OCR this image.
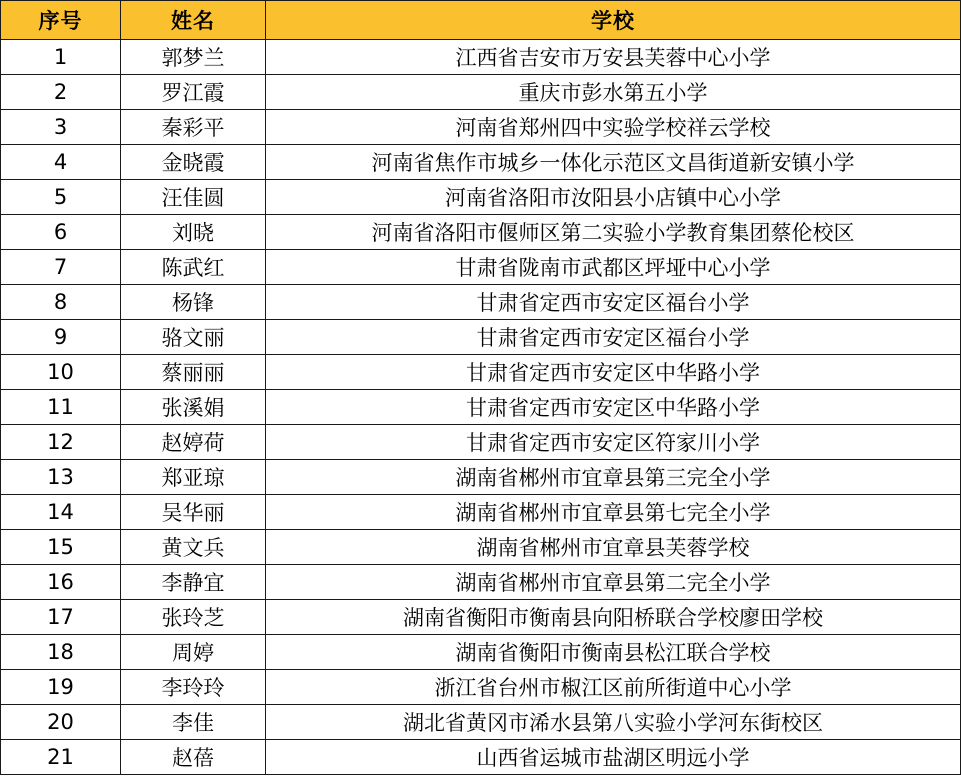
序号	姓名	学校
1	郭梦兰	江西省吉安市万安县芙蓉中心小学
2	罗江霞	重庆市彭水第五小学
3	秦彩平	河南省郑州四中实验学校祥云学校
4	金晓霞	河南省焦作市城乡一体化示范区文昌街道新安镇小学
5	汪佳圆	河南省洛阳市汝阳县小店镇中心小学
6	刘晓	河南省洛阳市偃师区第二实验小学教育集团蔡伦校区
7	陈武红	甘肃省陇南市武都区坪垭中心小学
8	杨锋	甘肃省定西市安定区福台小学
9	骆文丽	甘肃省定西市安定区福台小学
10	蔡丽丽	甘肃省定西市安定区中华路小学
11	张溪娟	甘肃省定西市安定区中华路小学
12	赵婷荷	甘肃省定西市安定区符家川小学
13	郑亚琼	湖南省郴州市宜章县第三完全小学
14	吴华丽	湖南省郴州市宜章县第七完全小学
15	黄文兵	湖南省郴州市宜章县芙蓉学校
16	李静宜	湖南省郴州市宜章县第二完全小学
17	张玲芝	湖南省衡阳市衡南县向阳桥联合学校廖田学校
18	周婷	湖南省衡阳市衡南县松江联合学校
19	李玲玲	浙江省台州市椒江区前所街道中心小学
20	李佳	湖北省黄冈市浠水县第八实验小学河东街校区
21	赵蓓	山西省运城市盐湖区明远小学
